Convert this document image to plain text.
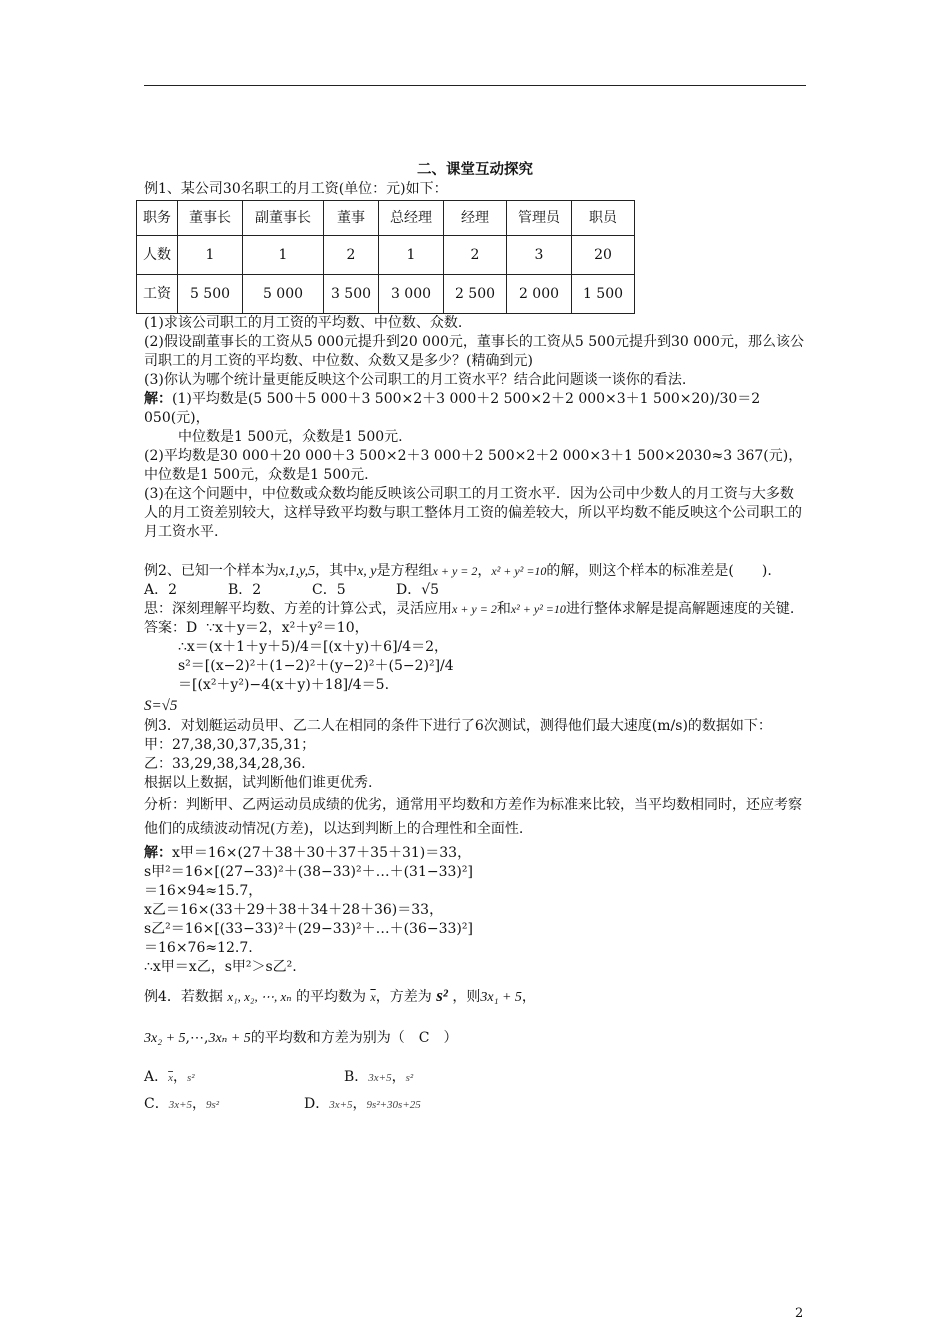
二、课堂互动探究
例1、某公司30名职工的月工资(单位：元)如下：
职务	董事长	副董事长	董事	总经理	经理	管理员	职员
人数	1	1	2	1	2	3	20
工资	5 500	5 000	3 500	3 000	2 500	2 000	1 500
(1)求该公司职工的月工资的平均数、中位数、众数.
(2)假设副董事长的工资从5 000元提升到20 000元，董事长的工资从5 500元提升到30 000元，那么该公司职工的月工资的平均数、中位数、众数又是多少？(精确到元)
(3)你认为哪个统计量更能反映这个公司职工的月工资水平？结合此问题谈一谈你的看法.
解：(1)平均数是(5 500＋5 000＋3 500×2＋3 000＋2 500×2＋2 000×3＋1 500×20)/30＝2 050(元)，
中位数是1 500元，众数是1 500元.
(2)平均数是30 000＋20 000＋3 500×2＋3 000＋2 500×2＋2 000×3＋1 500×2030≈3 367(元)，
中位数是1 500元，众数是1 500元.
(3)在这个问题中，中位数或众数均能反映该公司职工的月工资水平．因为公司中少数人的月工资与大多数人的月工资差别较大，这样导致平均数与职工整体月工资的偏差较大，所以平均数不能反映这个公司职工的月工资水平.
例2、已知一个样本为x,1,y,5，其中x, y是方程组x + y = 2，x² + y² =10的解，则这个样本的标准差是(　　).
A．2	B．2	C．5	D．√5
思：深刻理解平均数、方差的计算公式，灵活应用x + y = 2和x² + y² =10进行整体求解是提高解题速度的关键.
答案：D ∵x＋y＝2，x²＋y²＝10，
∴x＝(x＋1＋y＋5)/4＝[(x＋y)＋6]/4＝2，
s²＝[(x−2)²＋(1−2)²＋(y−2)²＋(5−2)²]/4
＝[(x²＋y²)−4(x＋y)＋18]/4＝5.
S=√5
例3．对划艇运动员甲、乙二人在相同的条件下进行了6次测试，测得他们最大速度(m/s)的数据如下：
甲：27,38,30,37,35,31；
乙：33,29,38,34,28,36.
根据以上数据，试判断他们谁更优秀.
分析：判断甲、乙两运动员成绩的优劣，通常用平均数和方差作为标准来比较，当平均数相同时，还应考察他们的成绩波动情况(方差)，以达到判断上的合理性和全面性.
解：x甲＝16×(27＋38＋30＋37＋35＋31)＝33，
s甲²＝16×[(27−33)²＋(38−33)²＋…＋(31−33)²]
＝16×94≈15.7，
x乙＝16×(33＋29＋38＋34＋28＋36)＝33，
s乙²＝16×[(33−33)²＋(29−33)²＋…＋(36−33)²]
＝16×76≈12.7.
∴x甲＝x乙，s甲²＞s乙².
例4．若数据 x₁, x₂, ⋯, xₙ 的平均数为 $\overline{x}$，方差为 s² ，则3x₁ + 5，
3x₂ + 5,⋯,3xₙ + 5的平均数和方差为别为（　C　）
A．$\overline{x}$，s²	B．3x+5，s²
C．3x+5，9s²	D．3x+5，9s²+30s+25
2
